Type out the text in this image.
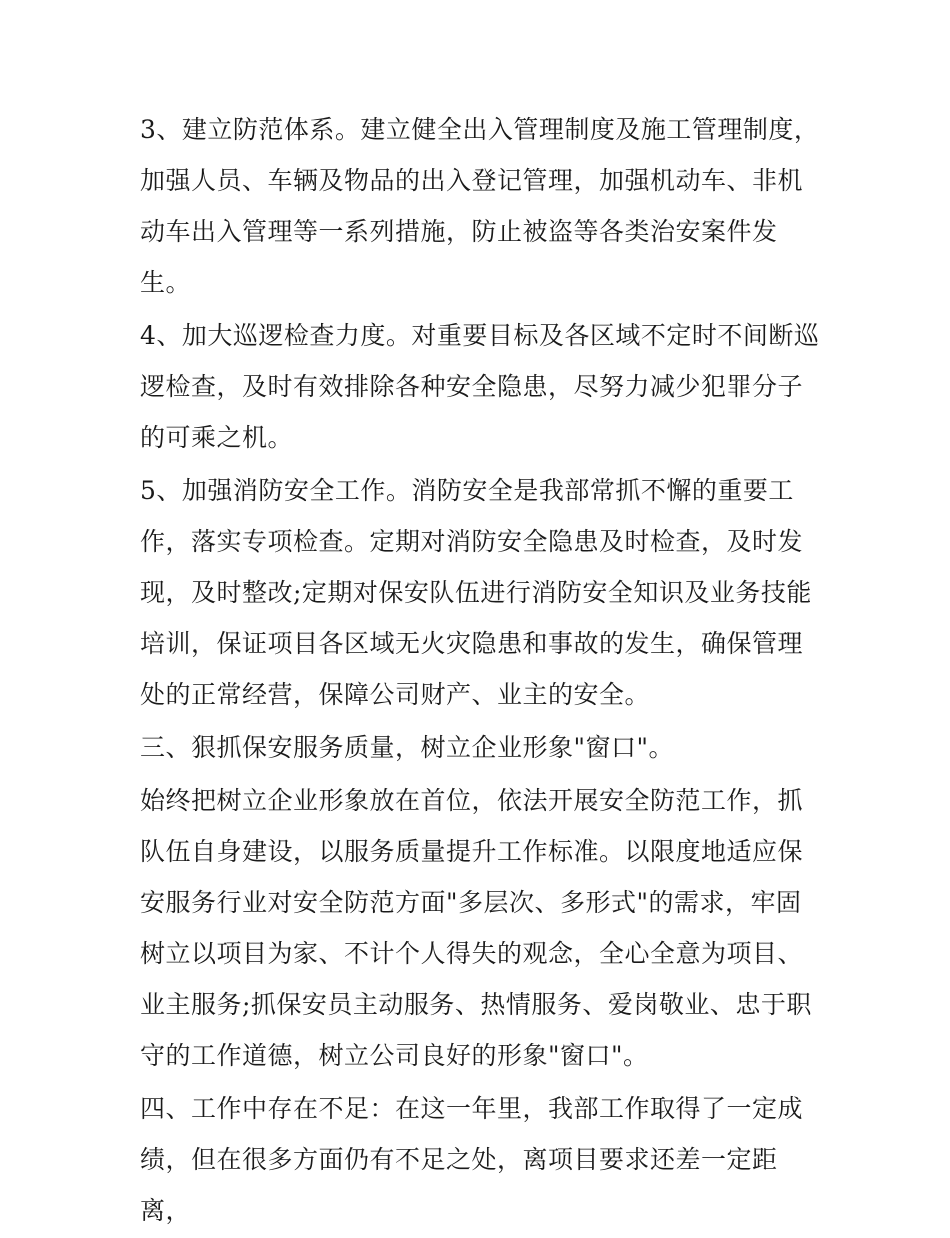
3、建立防范体系。建立健全出入管理制度及施工管理制度，加强人员、车辆及物品的出入登记管理，加强机动车、非机动车出入管理等一系列措施，防止被盗等各类治安案件发生。

4、加大巡逻检查力度。对重要目标及各区域不定时不间断巡逻检查，及时有效排除各种安全隐患，尽努力减少犯罪分子的可乘之机。

5、加强消防安全工作。消防安全是我部常抓不懈的重要工作，落实专项检查。定期对消防安全隐患及时检查，及时发现，及时整改;定期对保安队伍进行消防安全知识及业务技能培训，保证项目各区域无火灾隐患和事故的发生，确保管理处的正常经营，保障公司财产、业主的安全。

三、狠抓保安服务质量，树立企业形象"窗口"。

始终把树立企业形象放在首位，依法开展安全防范工作，抓队伍自身建设，以服务质量提升工作标准。以限度地适应保安服务行业对安全防范方面"多层次、多形式"的需求，牢固树立以项目为家、不计个人得失的观念，全心全意为项目、业主服务;抓保安员主动服务、热情服务、爱岗敬业、忠于职守的工作道德，树立公司良好的形象"窗口"。

四、工作中存在不足：在这一年里，我部工作取得了一定成绩，但在很多方面仍有不足之处，离项目要求还差一定距离，
